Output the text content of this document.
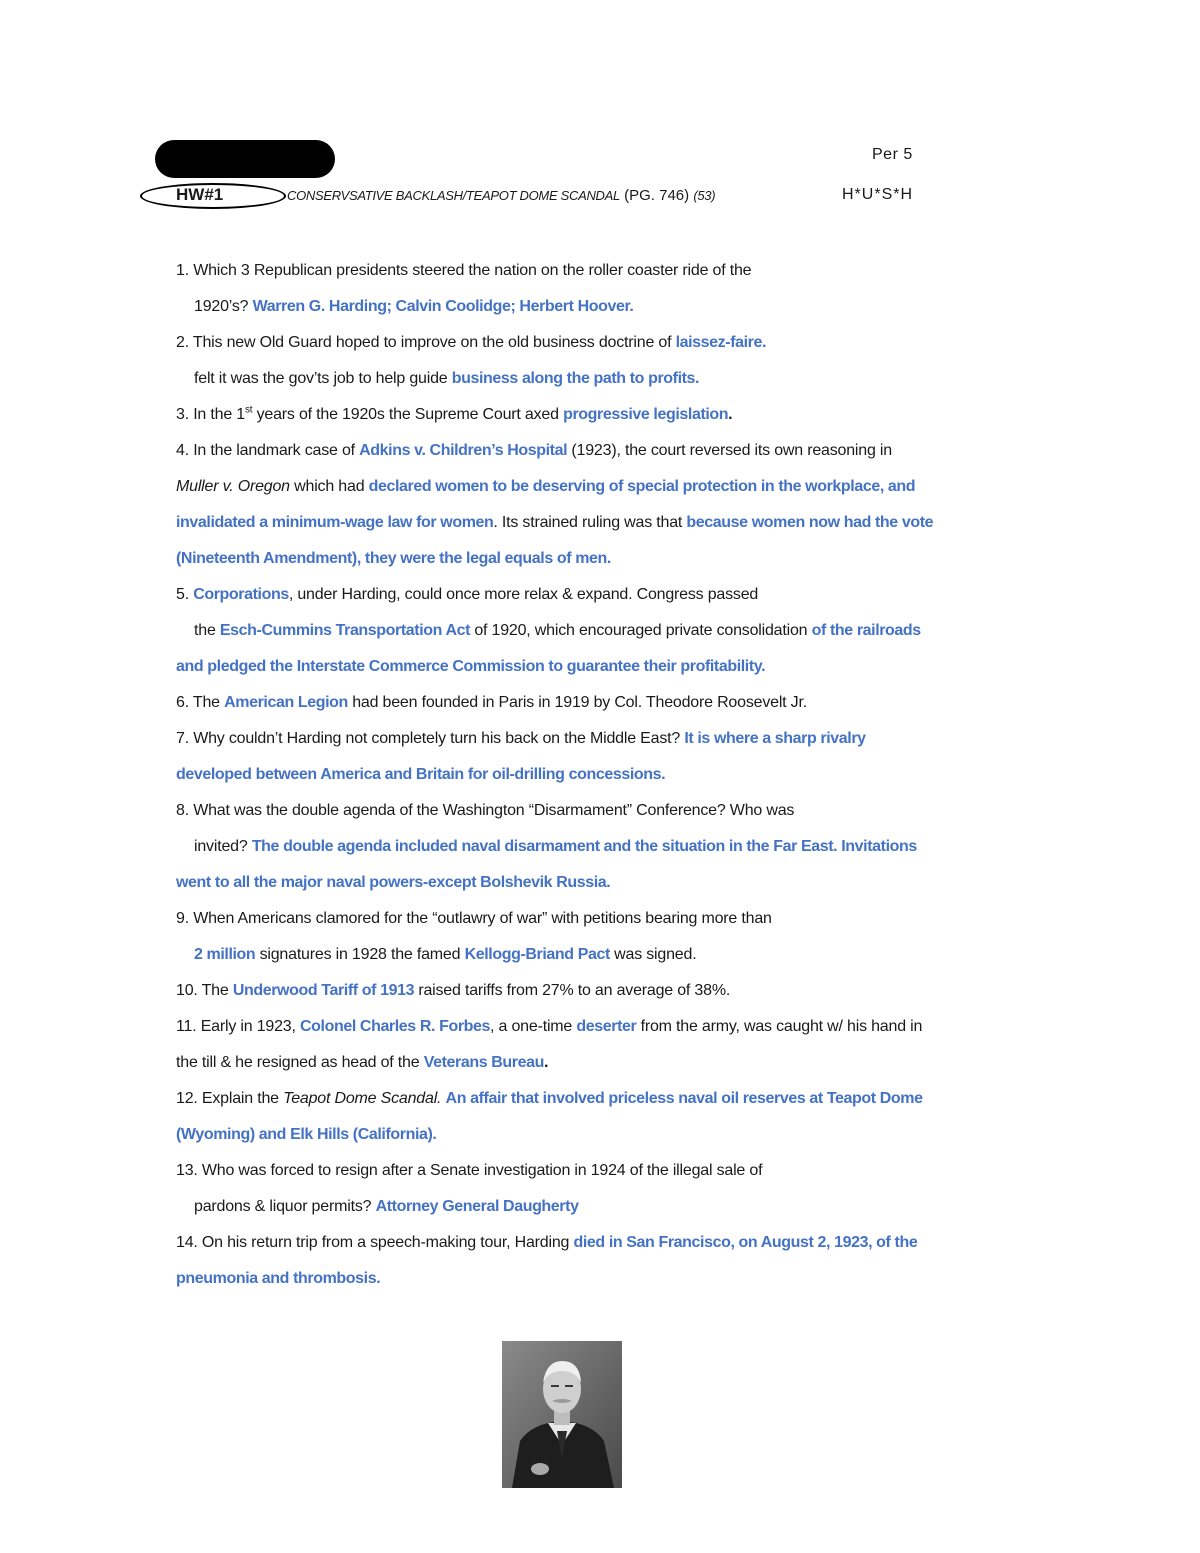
Per 5
HW#1	CONSERVSATIVE BACKLASH/TEAPOT DOME SCANDAL (PG. 746) (53)	H*U*S*H
1. Which 3 Republican presidents steered the nation on the roller coaster ride of the
1920’s? Warren G. Harding; Calvin Coolidge; Herbert Hoover.
2. This new Old Guard hoped to improve on the old business doctrine of laissez-faire.
felt it was the gov’ts job to help guide business along the path to profits.
3. In the 1st years of the 1920s the Supreme Court axed progressive legislation.
4. In the landmark case of Adkins v. Children’s Hospital (1923), the court reversed its own reasoning in
Muller v. Oregon which had declared women to be deserving of special protection in the workplace, and
invalidated a minimum-wage law for women. Its strained ruling was that because women now had the vote
(Nineteenth Amendment), they were the legal equals of men.
5. Corporations, under Harding, could once more relax & expand. Congress passed
the Esch-Cummins Transportation Act of 1920, which encouraged private consolidation of the railroads
and pledged the Interstate Commerce Commission to guarantee their profitability.
6. The American Legion had been founded in Paris in 1919 by Col. Theodore Roosevelt Jr.
7. Why couldn’t Harding not completely turn his back on the Middle East? It is where a sharp rivalry
developed between America and Britain for oil-drilling concessions.
8. What was the double agenda of the Washington “Disarmament” Conference? Who was
invited? The double agenda included naval disarmament and the situation in the Far East. Invitations
went to all the major naval powers-except Bolshevik Russia.
9. When Americans clamored for the “outlawry of war” with petitions bearing more than
2 million signatures in 1928 the famed Kellogg-Briand Pact was signed.
10. The Underwood Tariff of 1913 raised tariffs from 27% to an average of 38%.
11. Early in 1923, Colonel Charles R. Forbes, a one-time deserter from the army, was caught w/ his hand in
the till & he resigned as head of the Veterans Bureau.
12. Explain the Teapot Dome Scandal. An affair that involved priceless naval oil reserves at Teapot Dome
(Wyoming) and Elk Hills (California).
13. Who was forced to resign after a Senate investigation in 1924 of the illegal sale of
pardons & liquor permits? Attorney General Daugherty
14. On his return trip from a speech-making tour, Harding died in San Francisco, on August 2, 1923, of the
pneumonia and thrombosis.
